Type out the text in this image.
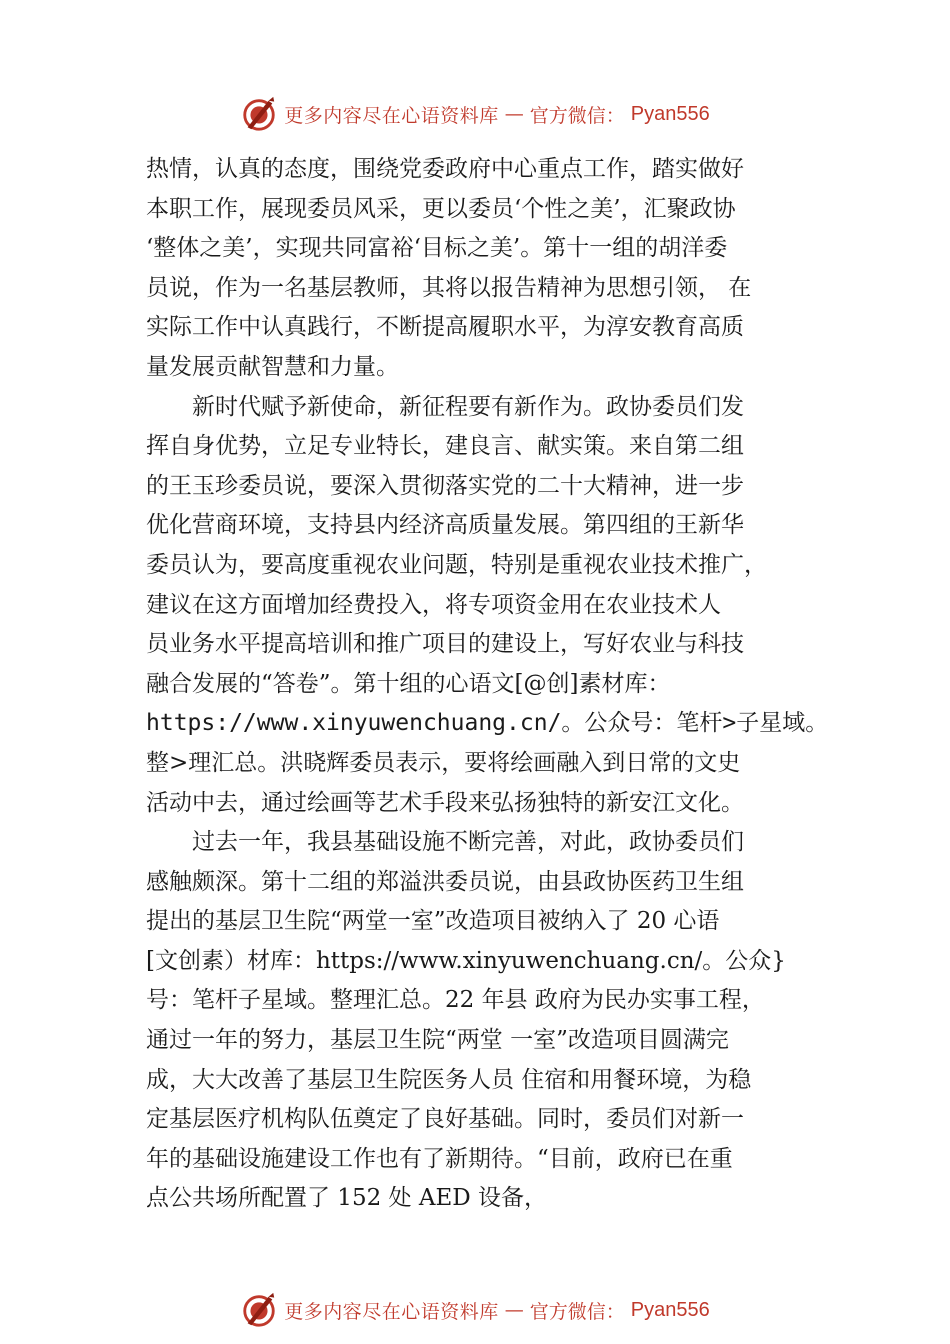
更多内容尽在心语资料库 — 官方微信： Pyan556
热情，认真的态度，围绕党委政府中心重点工作，踏实做好
本职工作，展现委员风采，更以委员‘个性之美’，汇聚政协
‘整体之美’，实现共同富裕‘目标之美’。第十一组的胡洋委
员说，作为一名基层教师，其将以报告精神为思想引领， 在
实际工作中认真践行，不断提高履职水平，为淳安教育高质
量发展贡献智慧和力量。
新时代赋予新使命，新征程要有新作为。政协委员们发
挥自身优势，立足专业特长，建良言、献实策。来自第二组
的王玉珍委员说，要深入贯彻落实党的二十大精神，进一步
优化营商环境，支持县内经济高质量发展。第四组的王新华
委员认为，要高度重视农业问题，特别是重视农业技术推广，
建议在这方面增加经费投入，将专项资金用在农业技术人
员业务水平提高培训和推广项目的建设上，写好农业与科技
融合发展的“答卷”。第十组的心语文[@创]素材库：
https://www.xinyuwenchuang.cn/。公众号：笔杆>子星域。
整>理汇总。洪晓辉委员表示，要将绘画融入到日常的文史
活动中去，通过绘画等艺术手段来弘扬独特的新安江文化。
过去一年，我县基础设施不断完善，对此，政协委员们
感触颇深。第十二组的郑溢洪委员说，由县政协医药卫生组
提出的基层卫生院“两堂一室”改造项目被纳入了 20 心语
[文创素）材库：https://www.xinyuwenchuang.cn/。公众}
号：笔杆子星域。整理汇总。22 年县 政府为民办实事工程，
通过一年的努力，基层卫生院“两堂 一室”改造项目圆满完
成，大大改善了基层卫生院医务人员 住宿和用餐环境，为稳
定基层医疗机构队伍奠定了良好基础。同时，委员们对新一
年的基础设施建设工作也有了新期待。“目前，政府已在重
点公共场所配置了 152 处 AED 设备，
更多内容尽在心语资料库 — 官方微信： Pyan556
